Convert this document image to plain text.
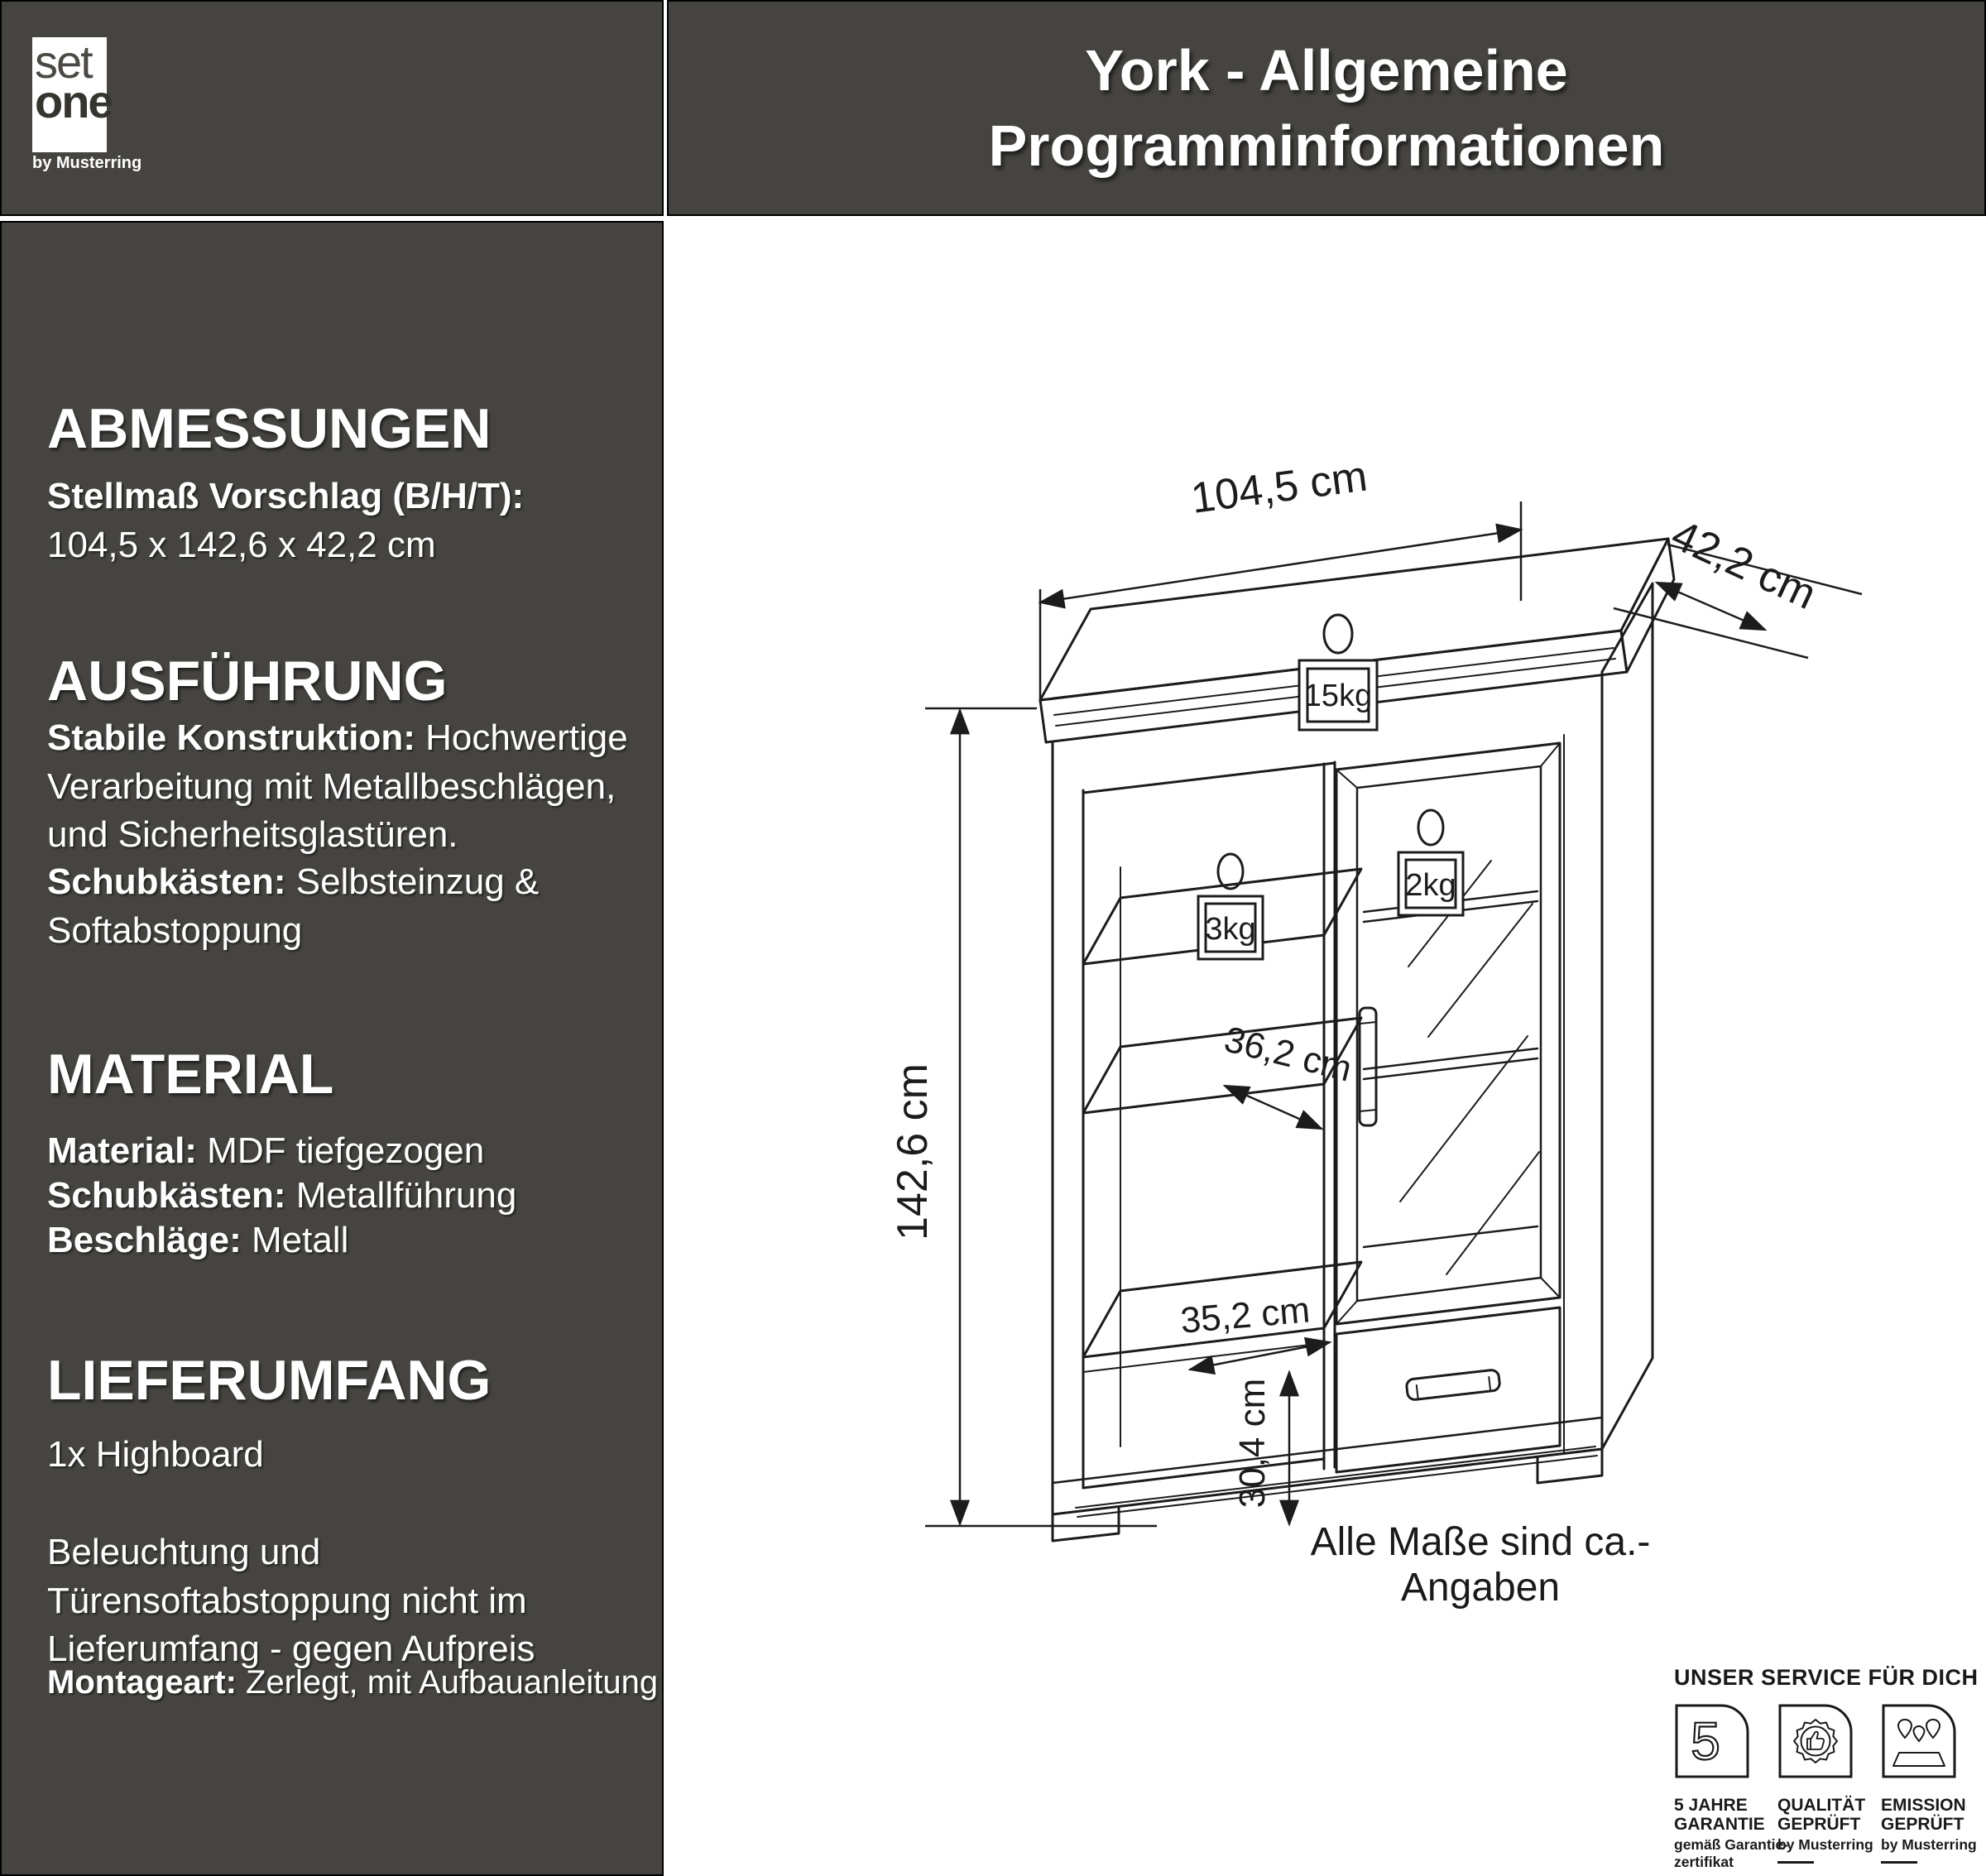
15kg
3kg
2kg
104,5 cm
42,2 cm
142,6 cm
36,2 cm
35,2 cm
30,4 cm
Alle Maße sind ca.-Angaben
set
one
by Musterring
York - Allgemeine
Programminformationen
ABMESSUNGEN
Stellmaß Vorschlag (B/H/T):
104,5 x 142,6 x 42,2 cm
AUSFÜHRUNG
Stabile Konstruktion: Hochwertige Verarbeitung mit Metallbeschlägen, und Sicherheitsglastüren.
Schubkästen: Selbsteinzug & Softabstoppung
MATERIAL
Material: MDF tiefgezogen
Schubkästen: Metallführung
Beschläge: Metall
LIEFERUMFANG
1x Highboard
Beleuchtung und Türensoftabstoppung nicht im Lieferumfang - gegen Aufpreis
Montageart: Zerlegt, mit Aufbauanleitung	UNSER SERVICE FÜR DICH
5
5 JAHRE
GARANTIE
gemäß Garantie-
zertifikat
QUALITÄT
GEPRÜFT
by Musterring
EMISSION
GEPRÜFT
by Musterring
